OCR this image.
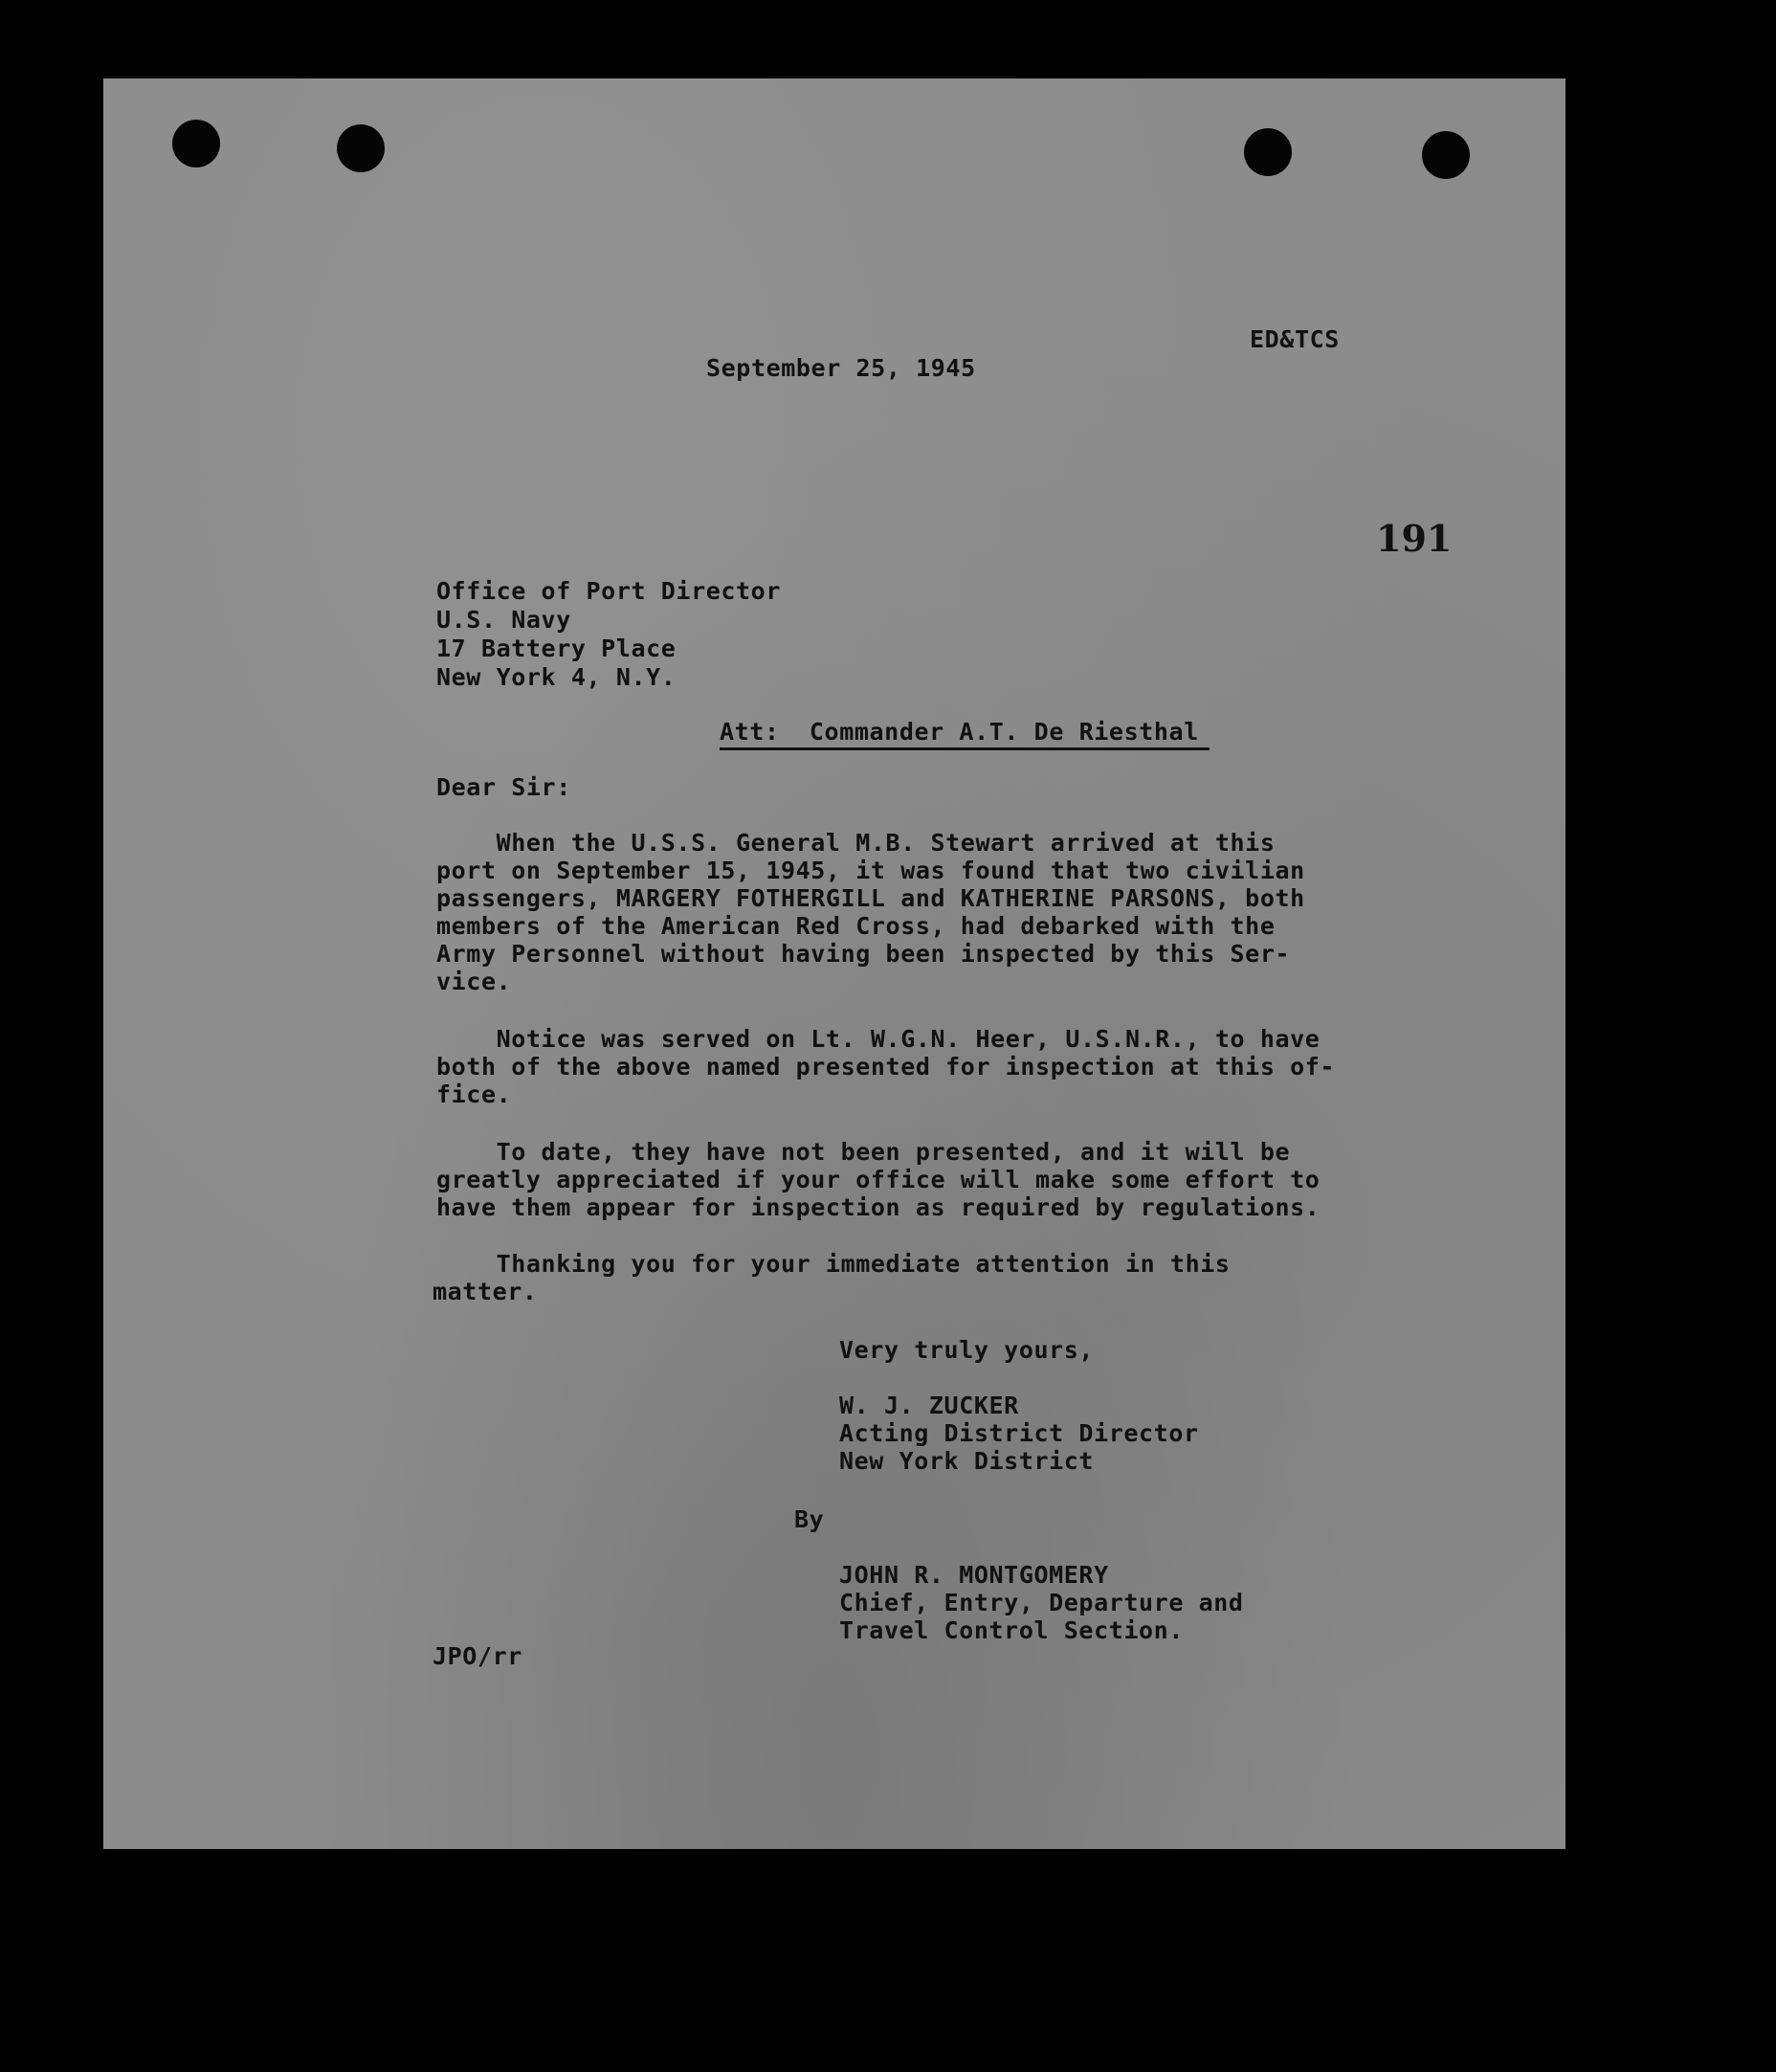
ED&TCS
September 25, 1945
191
Office of Port Director
U.S. Navy
17 Battery Place
New York 4, N.Y.
Att:  Commander A.T. De Riesthal
Dear Sir:
When the U.S.S. General M.B. Stewart arrived at this
port on September 15, 1945, it was found that two civilian
passengers, MARGERY FOTHERGILL and KATHERINE PARSONS, both
members of the American Red Cross, had debarked with the
Army Personnel without having been inspected by this Ser-
vice.
Notice was served on Lt. W.G.N. Heer, U.S.N.R., to have
both of the above named presented for inspection at this of-
fice.
To date, they have not been presented, and it will be
greatly appreciated if your office will make some effort to
have them appear for inspection as required by regulations.
Thanking you for your immediate attention in this
matter.
Very truly yours,
W. J. ZUCKER
Acting District Director
New York District
By
JOHN R. MONTGOMERY
Chief, Entry, Departure and
Travel Control Section.
JPO/rr
